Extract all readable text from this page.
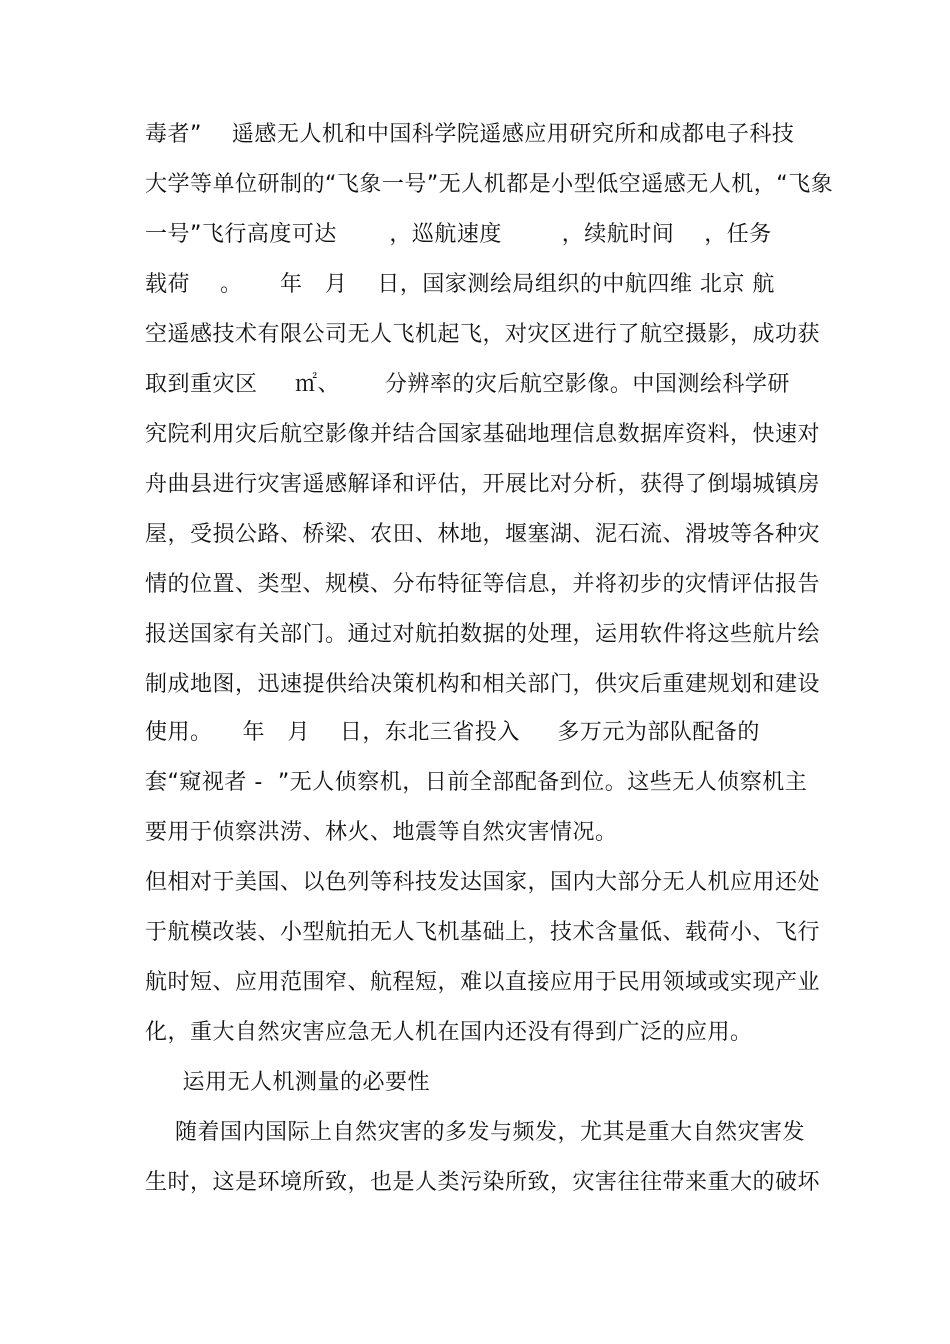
毒者”    遥感无人机和中国科学院遥感应用研究所和成都电子科技
大学等单位研制的“飞象一号”无人机都是小型低空遥感无人机，“飞象
一号”飞行高度可达       ，巡航速度        ，续航时间    ，任务
载荷    。     年   月    日，国家测绘局组织的中航四维 北京 航
空遥感技术有限公司无人飞机起飞，对灾区进行了航空摄影，成功获
取到重灾区     ㎡、      分辨率的灾后航空影像。中国测绘科学研
究院利用灾后航空影像并结合国家基础地理信息数据库资料，快速对
舟曲县进行灾害遥感解译和评估，开展比对分析，获得了倒塌城镇房
屋，受损公路、桥梁、农田、林地，堰塞湖、泥石流、滑坡等各种灾
情的位置、类型、规模、分布特征等信息，并将初步的灾情评估报告
报送国家有关部门。通过对航拍数据的处理，运用软件将这些航片绘
制成地图，迅速提供给决策机构和相关部门，供灾后重建规划和建设
使用。    年   月    日，东北三省投入     多万元为部队配备的
套“窥视者 -  ”无人侦察机，日前全部配备到位。这些无人侦察机主
要用于侦察洪涝、林火、地震等自然灾害情况。
但相对于美国、以色列等科技发达国家，国内大部分无人机应用还处
于航模改装、小型航拍无人飞机基础上，技术含量低、载荷小、飞行
航时短、应用范围窄、航程短，难以直接应用于民用领域或实现产业
化，重大自然灾害应急无人机在国内还没有得到广泛的应用。
运用无人机测量的必要性
随着国内国际上自然灾害的多发与频发，尤其是重大自然灾害发
生时，这是环境所致，也是人类污染所致，灾害往往带来重大的破坏
